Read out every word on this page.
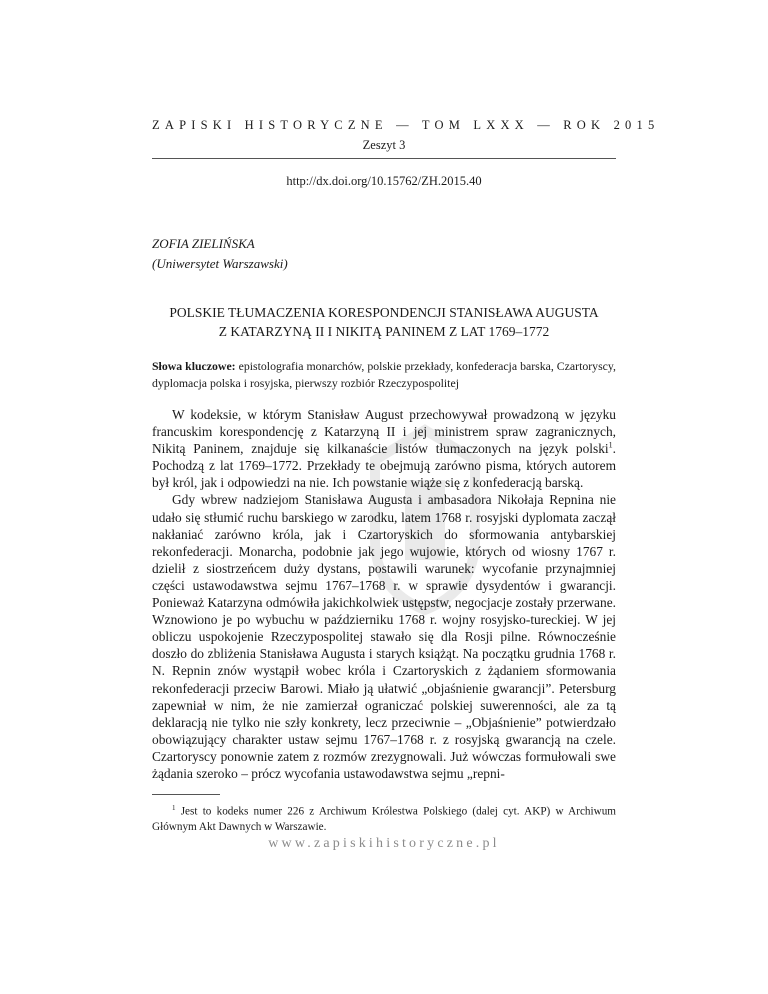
ZAPISKI HISTORYCZNE — TOM LXXX — ROK 2015
Zeszyt 3
http://dx.doi.org/10.15762/ZH.2015.40
ZOFIA ZIELIŃSKA
(Uniwersytet Warszawski)
POLSKIE TŁUMACZENIA KORESPONDENCJI STANISŁAWA AUGUSTA
Z KATARZYNĄ II I NIKITĄ PANINEM Z LAT 1769–1772
Słowa kluczowe: epistolografia monarchów, polskie przekłady, konfederacja barska, Czartoryscy, dyplomacja polska i rosyjska, pierwszy rozbiór Rzeczypospolitej

W kodeksie, w którym Stanisław August przechowywał prowadzoną w języku francuskim korespondencję z Katarzyną II i jej ministrem spraw zagranicznych, Nikitą Paninem, znajduje się kilkanaście listów tłumaczonych na język polski$^1$. Pochodzą z lat 1769–1772. Przekłady te obejmują zarówno pisma, których autorem był król, jak i odpowiedzi na nie. Ich powstanie wiąże się z konfederacją barską.

Gdy wbrew nadziejom Stanisława Augusta i ambasadora Nikołaja Repnina nie udało się stłumić ruchu barskiego w zarodku, latem 1768 r. rosyjski dyplomata zaczął nakłaniać zarówno króla, jak i Czartoryskich do sformowania antybarskiej rekonfederacji. Monarcha, podobnie jak jego wujowie, których od wiosny 1767 r. dzielił z siostrzeńcem duży dystans, postawili warunek: wycofanie przynajmniej części ustawodawstwa sejmu 1767–1768 r. w sprawie dysydentów i gwarancji. Ponieważ Katarzyna odmówiła jakichkolwiek ustępstw, negocjacje zostały przerwane. Wznowiono je po wybuchu w październiku 1768 r. wojny rosyjsko-tureckiej. W jej obliczu uspokojenie Rzeczypospolitej stawało się dla Rosji pilne. Równocześnie doszło do zbliżenia Stanisława Augusta i starych książąt. Na początku grudnia 1768 r. N. Repnin znów wystąpił wobec króla i Czartoryskich z żądaniem sformowania rekonfederacji przeciw Barowi. Miało ją ułatwić „objaśnienie gwarancji”. Petersburg zapewniał w nim, że nie zamierzał ograniczać polskiej suwerenności, ale za tą deklaracją nie tylko nie szły konkrety, lecz przeciwnie – „Objaśnienie” potwierdzało obowiązujący charakter ustaw sejmu 1767–1768 r. z rosyjską gwarancją na czele. Czartoryscy ponownie zatem z rozmów zrezygnowali. Już wówczas formułowali swe żądania szeroko – prócz wycofania ustawodawstwa sejmu „repni-

$^1$ Jest to kodeks numer 226 z Archiwum Królestwa Polskiego (dalej cyt. AKP) w Archiwum Głównym Akt Dawnych w Warszawie.
www.zapiskihistoryczne.pl
